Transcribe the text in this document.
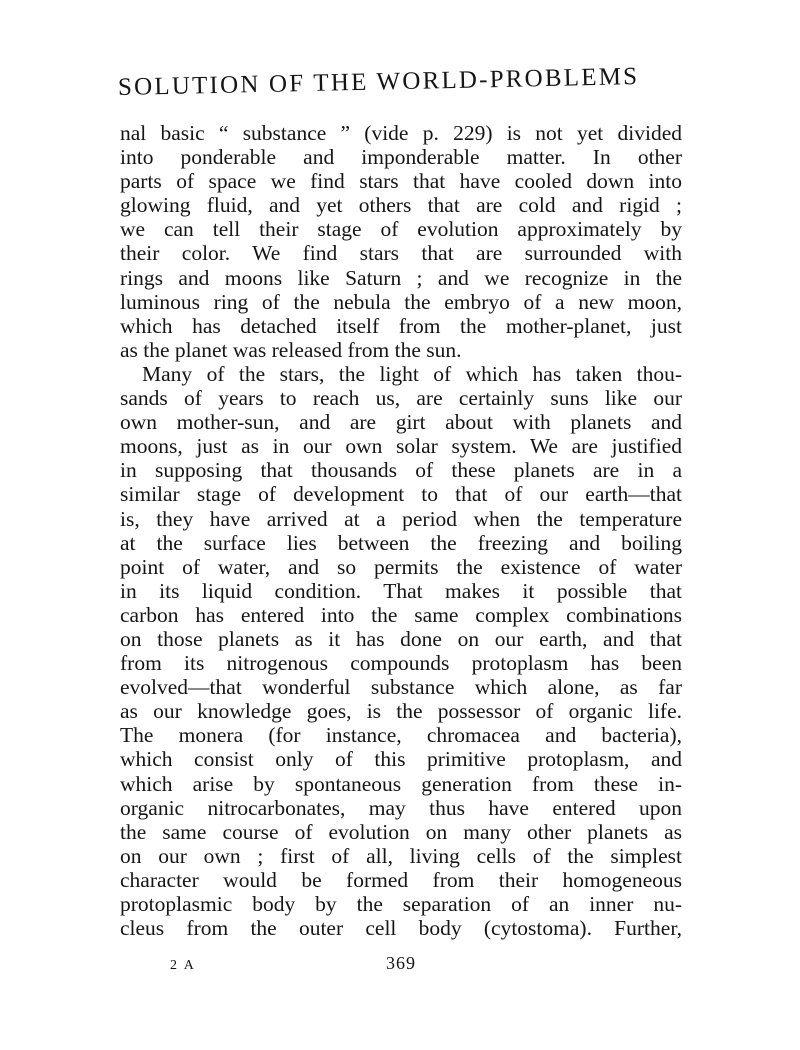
SOLUTION OF THE WORLD-PROBLEMS
nal basic “ substance ” (vide p. 229) is not yet divided
into ponderable and imponderable matter. In other
parts of space we find stars that have cooled down into
glowing fluid, and yet others that are cold and rigid ;
we can tell their stage of evolution approximately by
their color. We find stars that are surrounded with
rings and moons like Saturn ; and we recognize in the
luminous ring of the nebula the embryo of a new moon,
which has detached itself from the mother-planet, just
as the planet was released from the sun.
Many of the stars, the light of which has taken thou-
sands of years to reach us, are certainly suns like our
own mother-sun, and are girt about with planets and
moons, just as in our own solar system. We are justified
in supposing that thousands of these planets are in a
similar stage of development to that of our earth—that
is, they have arrived at a period when the temperature
at the surface lies between the freezing and boiling
point of water, and so permits the existence of water
in its liquid condition. That makes it possible that
carbon has entered into the same complex combinations
on those planets as it has done on our earth, and that
from its nitrogenous compounds protoplasm has been
evolved—that wonderful substance which alone, as far
as our knowledge goes, is the possessor of organic life.
The monera (for instance, chromacea and bacteria),
which consist only of this primitive protoplasm, and
which arise by spontaneous generation from these in-
organic nitrocarbonates, may thus have entered upon
the same course of evolution on many other planets as
on our own ; first of all, living cells of the simplest
character would be formed from their homogeneous
protoplasmic body by the separation of an inner nu-
cleus from the outer cell body (cytostoma). Further,
2 A	369
